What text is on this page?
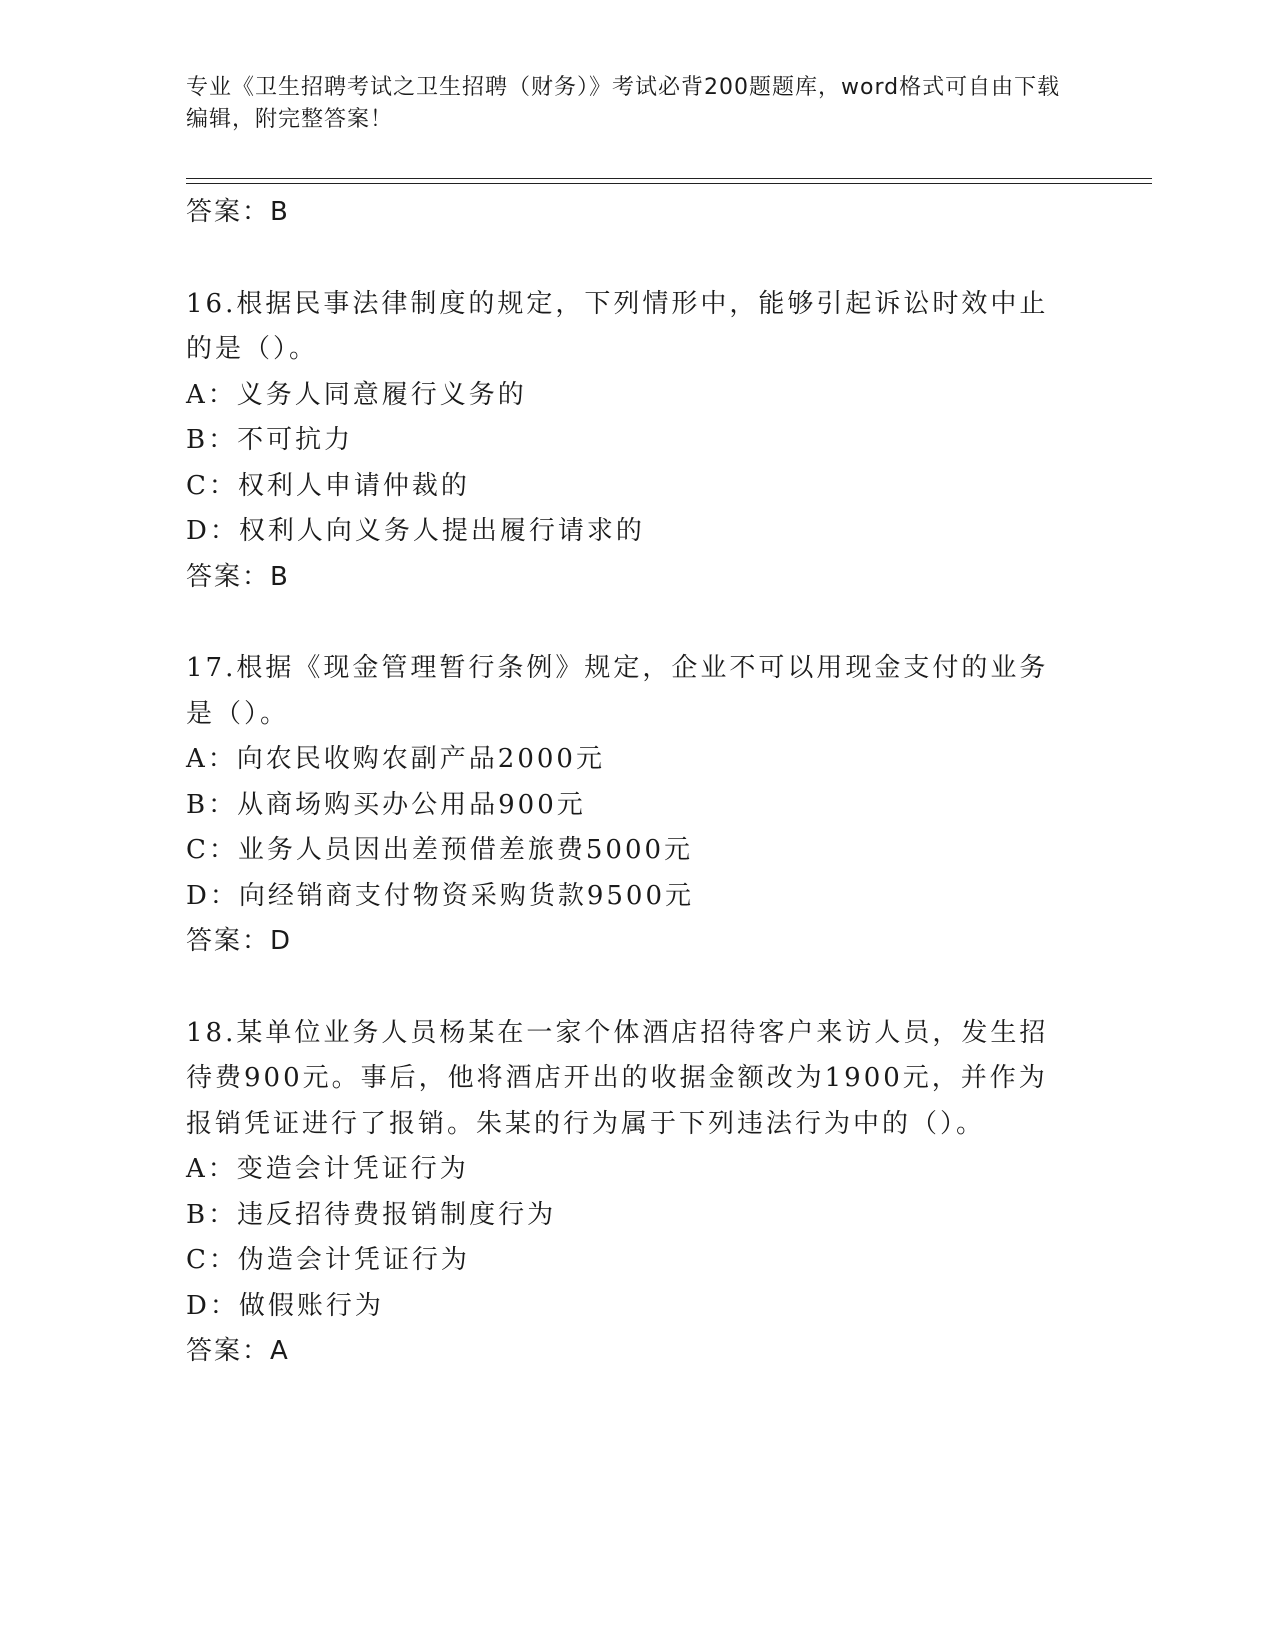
专业《卫生招聘考试之卫生招聘（财务）》考试必背200题题库，word格式可自由下载编辑，附完整答案！
答案：B
16.根据民事法律制度的规定，下列情形中，能够引起诉讼时效中止的是（）。
A：义务人同意履行义务的
B：不可抗力
C：权利人申请仲裁的
D：权利人向义务人提出履行请求的
答案：B
17.根据《现金管理暂行条例》规定，企业不可以用现金支付的业务是（）。
A：向农民收购农副产品2000元
B：从商场购买办公用品900元
C：业务人员因出差预借差旅费5000元
D：向经销商支付物资采购货款9500元
答案：D
18.某单位业务人员杨某在一家个体酒店招待客户来访人员，发生招待费900元。事后，他将酒店开出的收据金额改为1900元，并作为报销凭证进行了报销。朱某的行为属于下列违法行为中的（）。
A：变造会计凭证行为
B：违反招待费报销制度行为
C：伪造会计凭证行为
D：做假账行为
答案：A
